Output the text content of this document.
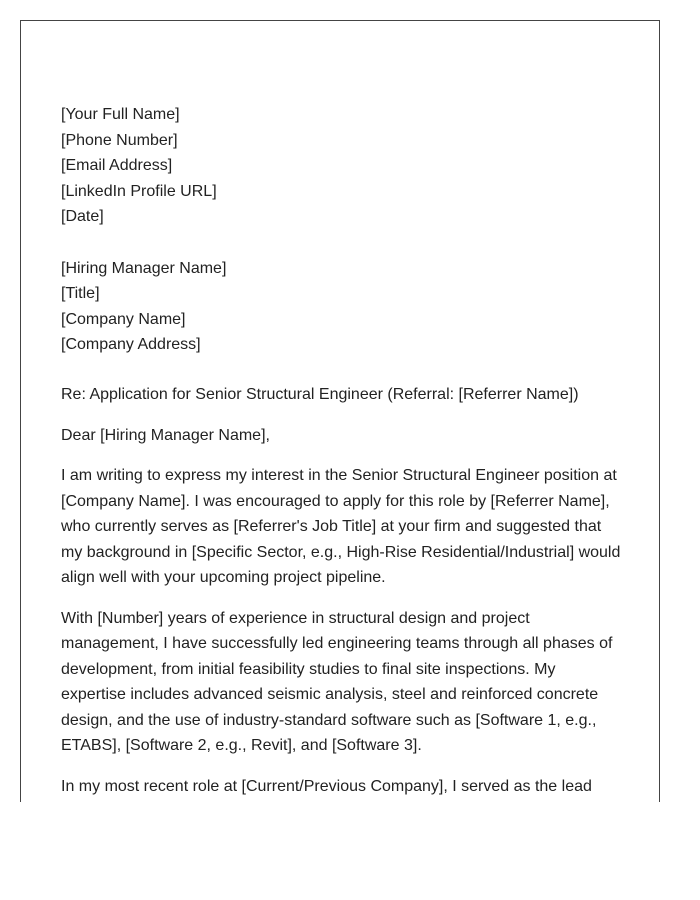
[Your Full Name]

[Phone Number]

[Email Address]

[LinkedIn Profile URL]

[Date]

[Hiring Manager Name]

[Title]

[Company Name]

[Company Address]

Re: Application for Senior Structural Engineer (Referral: [Referrer Name])
Dear [Hiring Manager Name],
I am writing to express my interest in the Senior Structural Engineer position at [Company Name]. I was encouraged to apply for this role by [Referrer Name], who currently serves as [Referrer's Job Title] at your firm and suggested that my background in [Specific Sector, e.g., High-Rise Residential/Industrial] would align well with your upcoming project pipeline.
With [Number] years of experience in structural design and project management, I have successfully led engineering teams through all phases of development, from initial feasibility studies to final site inspections. My expertise includes advanced seismic analysis, steel and reinforced concrete design, and the use of industry-standard software such as [Software 1, e.g., ETABS], [Software 2, e.g., Revit], and [Software 3].
In my most recent role at [Current/Previous Company], I served as the lead
